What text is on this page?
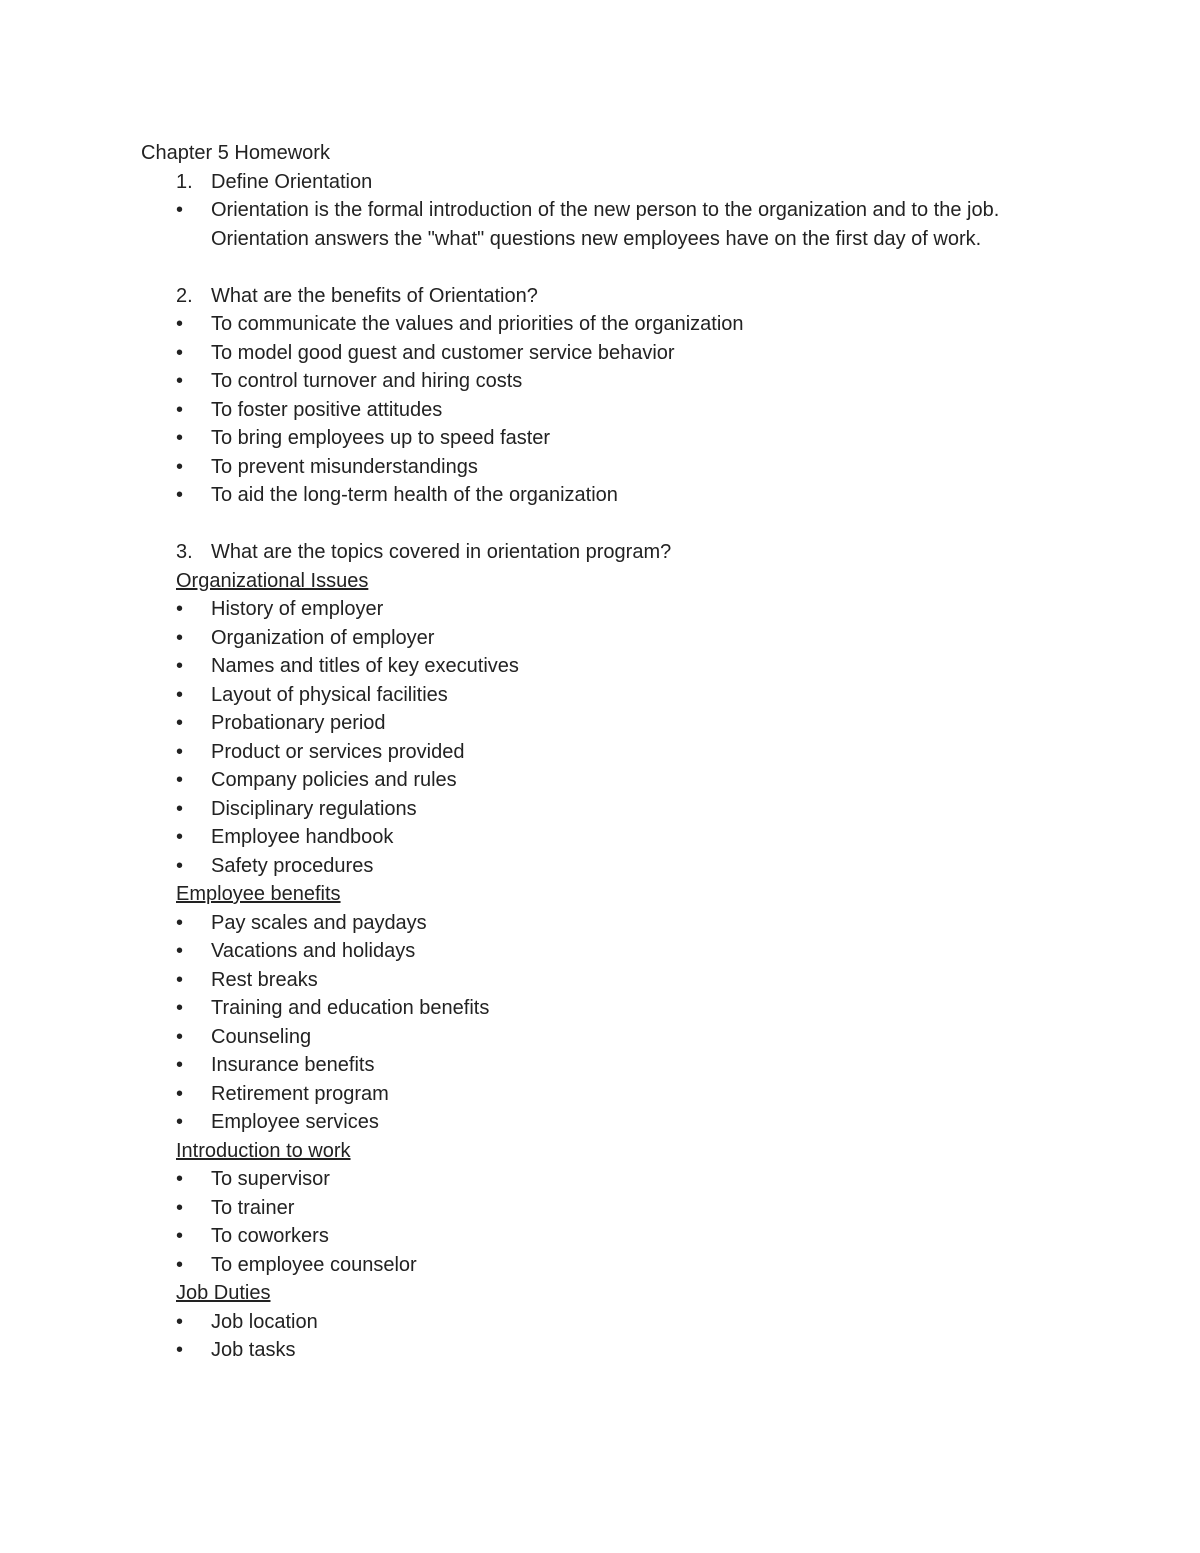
Chapter 5 Homework
1. Define Orientation
• Orientation is the formal introduction of the new person to the organization and to the job. Orientation answers the "what" questions new employees have on the first day of work.
2. What are the benefits of Orientation?
• To communicate the values and priorities of the organization
• To model good guest and customer service behavior
• To control turnover and hiring costs
• To foster positive attitudes
• To bring employees up to speed faster
• To prevent misunderstandings
• To aid the long-term health of the organization
3. What are the topics covered in orientation program?
Organizational Issues
• History of employer
• Organization of employer
• Names and titles of key executives
• Layout of physical facilities
• Probationary period
• Product or services provided
• Company policies and rules
• Disciplinary regulations
• Employee handbook
• Safety procedures
Employee benefits
• Pay scales and paydays
• Vacations and holidays
• Rest breaks
• Training and education benefits
• Counseling
• Insurance benefits
• Retirement program
• Employee services
Introduction to work
• To supervisor
• To trainer
• To coworkers
• To employee counselor
Job Duties
• Job location
• Job tasks
